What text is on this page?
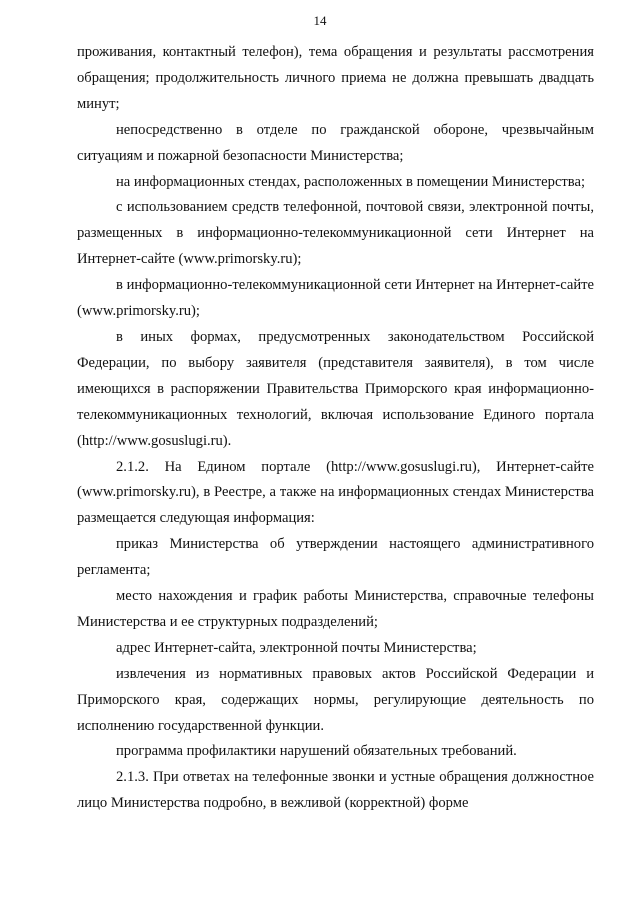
14

проживания, контактный телефон), тема обращения и результаты рассмотрения обращения; продолжительность личного приема не должна превышать двадцать минут;

непосредственно в отделе по гражданской обороне, чрезвычайным ситуациям и пожарной безопасности Министерства;

на информационных стендах, расположенных в помещении Министерства;

с использованием средств телефонной, почтовой связи, электронной почты, размещенных в информационно-телекоммуникационной сети Интернет на Интернет-сайте (www.primorsky.ru);

в информационно-телекоммуникационной сети Интернет на Интернет-сайте (www.primorsky.ru);

в иных формах, предусмотренных законодательством Российской Федерации, по выбору заявителя (представителя заявителя), в том числе имеющихся в распоряжении Правительства Приморского края информационно-телекоммуникационных технологий, включая использование Единого портала (http://www.gosuslugi.ru).

2.1.2. На Едином портале (http://www.gosuslugi.ru), Интернет-сайте (www.primorsky.ru), в Реестре, а также на информационных стендах Министерства размещается следующая информация:

приказ Министерства об утверждении настоящего административного регламента;

место нахождения и график работы Министерства, справочные телефоны Министерства и ее структурных подразделений;

адрес Интернет-сайта, электронной почты Министерства;

извлечения из нормативных правовых актов Российской Федерации и Приморского края, содержащих нормы, регулирующие деятельность по исполнению государственной функции.

программа профилактики нарушений обязательных требований.

2.1.3. При ответах на телефонные звонки и устные обращения должностное лицо Министерства подробно, в вежливой (корректной) форме
